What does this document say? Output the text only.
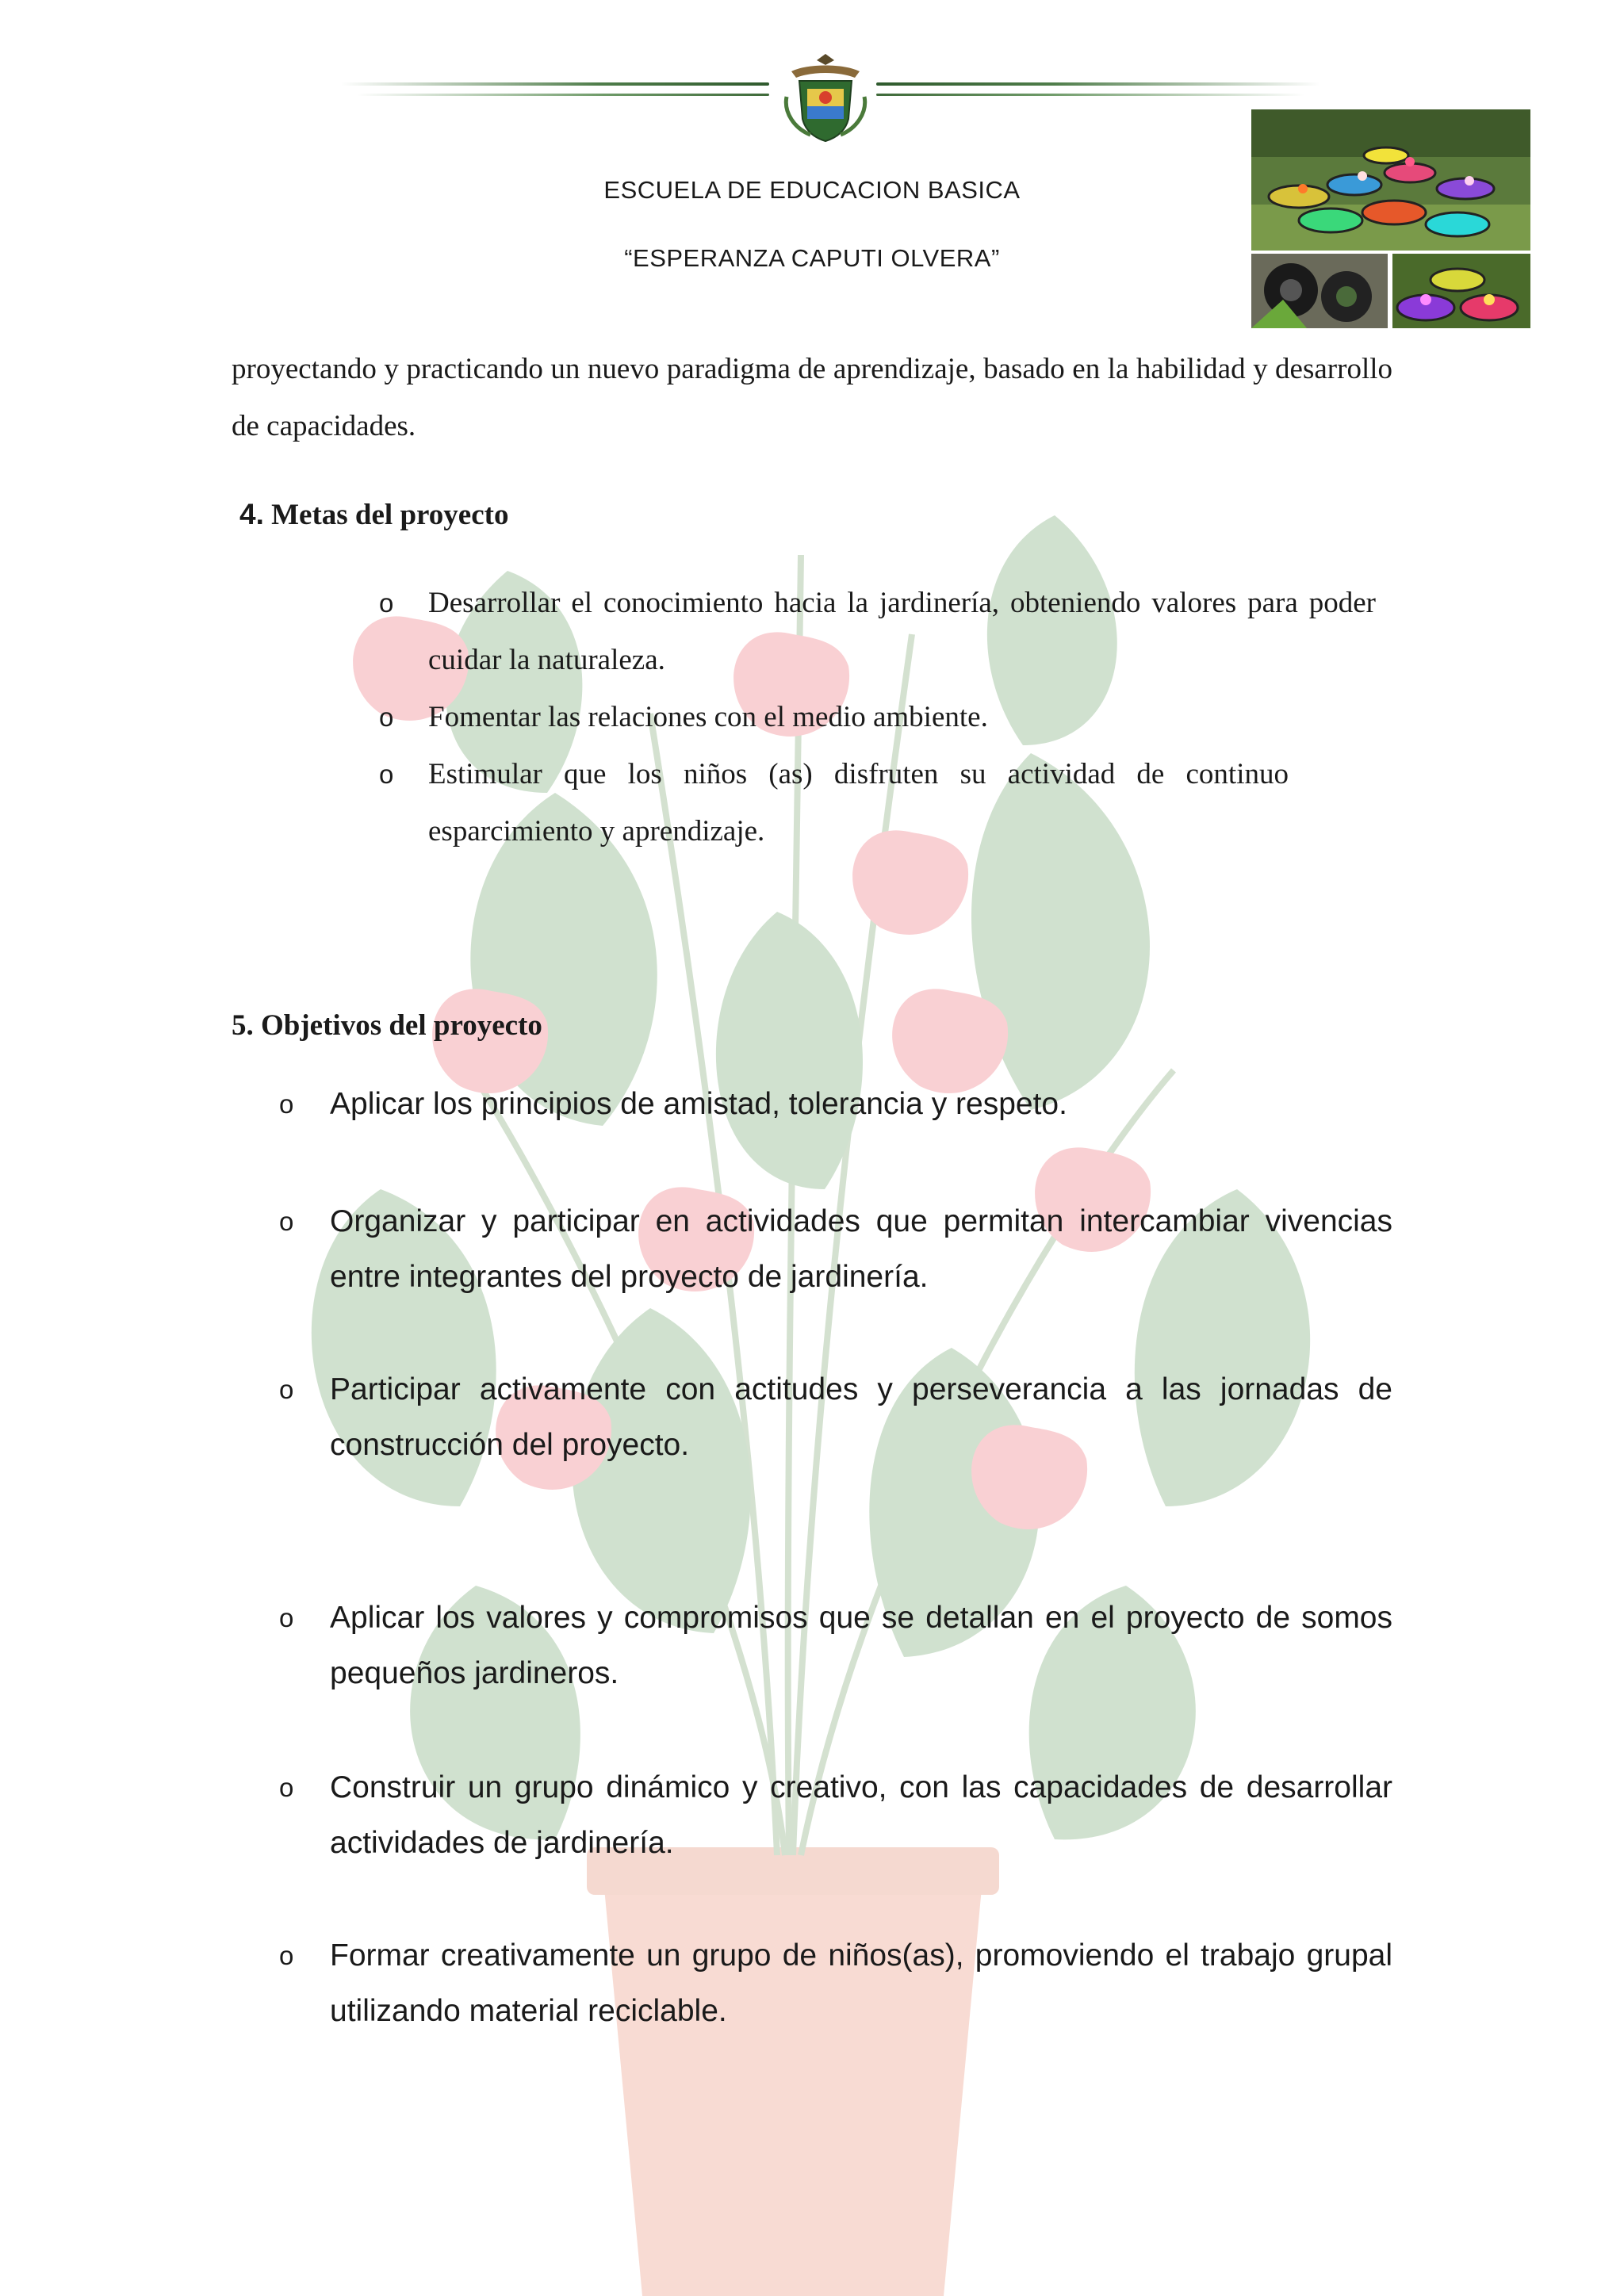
ESCUELA DE EDUCACION BASICA
“ESPERANZA CAPUTI OLVERA”
proyectando y practicando un nuevo paradigma de aprendizaje, basado en la habilidad y desarrollo de capacidades.
4. Metas del proyecto
o Desarrollar el conocimiento hacia la jardinería, obteniendo valores para poder cuidar la naturaleza.
o Fomentar las relaciones con el medio ambiente.
o Estimular que los niños (as) disfruten su actividad de continuo esparcimiento y aprendizaje.
5. Objetivos del proyecto
o Aplicar los principios de amistad, tolerancia y respeto.
o Organizar y participar en actividades que permitan intercambiar vivencias entre integrantes del proyecto de jardinería.
o Participar activamente con actitudes y perseverancia a las jornadas de construcción del proyecto.
o Aplicar los valores y compromisos que se detallan en el proyecto de somos pequeños jardineros.
o Construir un grupo dinámico y creativo, con las capacidades de desarrollar actividades de jardinería.
o Formar creativamente un grupo de niños(as), promoviendo el trabajo grupal utilizando material reciclable.
